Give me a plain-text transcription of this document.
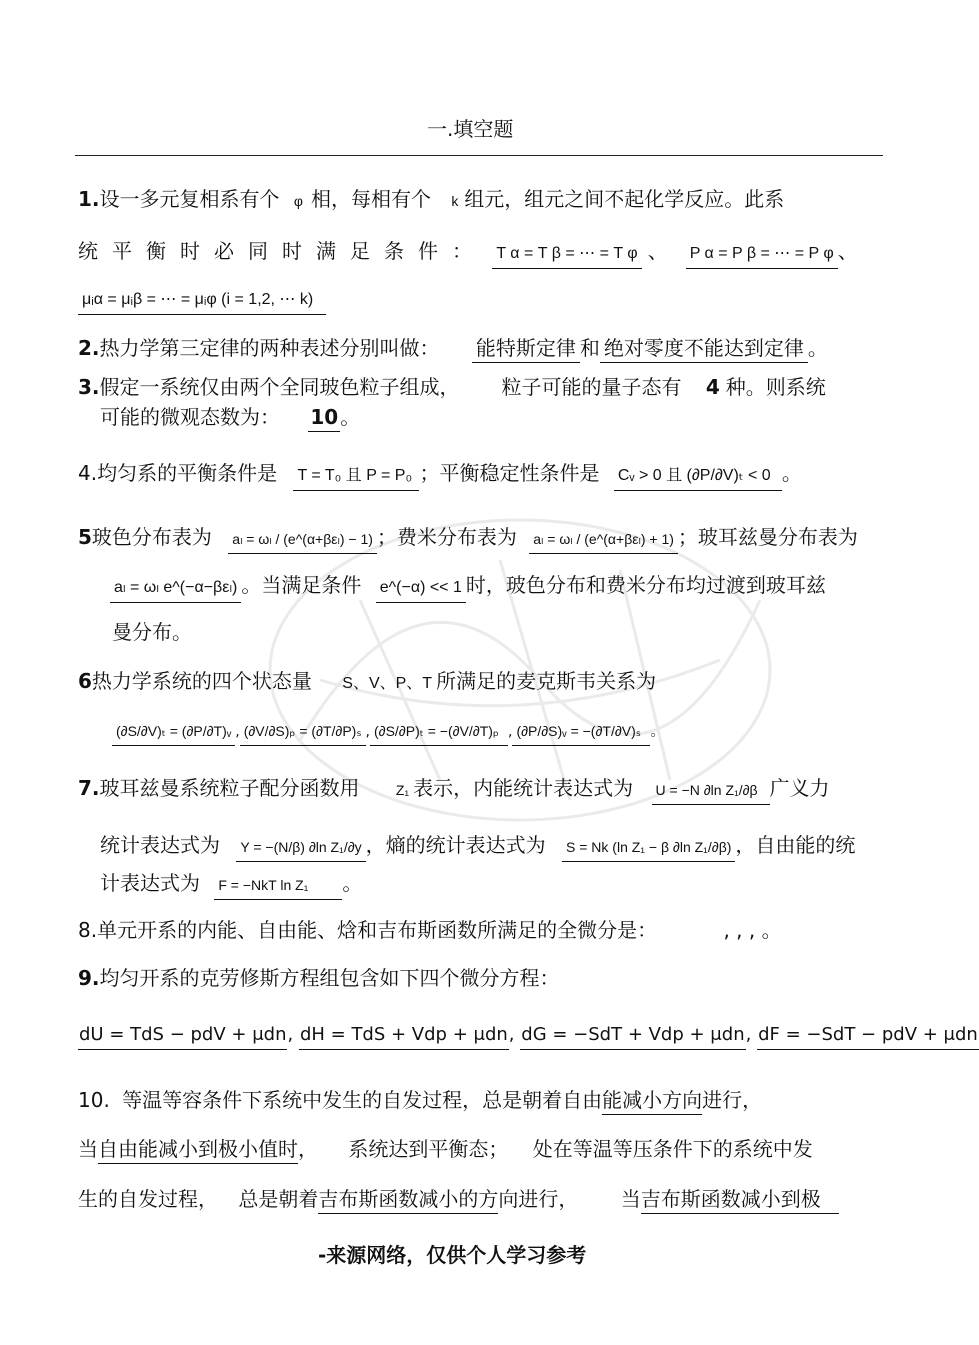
一.填空题
1.设一多元复相系有个 φ 相，每相有个 k 组元，组元之间不起化学反应。此系
统平衡时必同时满足条件： T α = T β = ⋯ = T φ 、 P α = P β = ⋯ = P φ 、
μᵢα = μᵢβ = ⋯ = μᵢφ (i = 1,2, ⋯ k)
2.热力学第三定律的两种表述分别叫做： 能特斯定律 和 绝对零度不能达到定律 。
3.假定一系统仅由两个全同玻色粒子组成， 粒子可能的量子态有 4 种。则系统
可能的微观态数为： 10 。
4.均匀系的平衡条件是 T = T₀ 且 P = P₀ ；平衡稳定性条件是 Cᵥ > 0 且 (∂P/∂V)ₜ < 0 。
5玻色分布表为 aₗ = ωₗ / (e^(α+βεₗ) − 1) ；费米分布表为 aₗ = ωₗ / (e^(α+βεₗ) + 1) ；玻耳兹曼分布表为
aₗ = ωₗ e^(−α−βεₗ) 。当满足条件 e^(−α) << 1 时，玻色分布和费米分布均过渡到玻耳兹
曼分布。
6热力学系统的四个状态量 S、V、P、T 所满足的麦克斯韦关系为
(∂S/∂V)ₜ = (∂P/∂T)ᵥ , (∂V/∂S)ₚ = (∂T/∂P)ₛ , (∂S/∂P)ₜ = −(∂V/∂T)ₚ , (∂P/∂S)ᵥ = −(∂T/∂V)ₛ 。
7.玻耳兹曼系统粒子配分函数用	Z₁ 表示，内能统计表达式为 U = −N ∂ln Z₁/∂β 广义力
统计表达式为 Y = −(N/β) ∂ln Z₁/∂y ，熵的统计表达式为 S = Nk (ln Z₁ − β ∂ln Z₁/∂β) ，自由能的统
计表达式为 F = −NkT ln Z₁ 。
8.单元开系的内能、自由能、焓和吉布斯函数所满足的全微分是：	, , , 。
9.均匀开系的克劳修斯方程组包含如下四个微分方程：
dU = TdS − pdV + μdn, dH = TdS + Vdp + μdn, dG = −SdT + Vdp + μdn, dF = −SdT − pdV + μdn
10. 等温等容条件下系统中发生的自发过程，总是朝着自由能减小方向进行，
当自由能减小到极小值时， 系统达到平衡态； 处在等温等压条件下的系统中发
生的自发过程， 总是朝着吉布斯函数减小的方向进行， 当吉布斯函数减小到极
-来源网络，仅供个人学习参考
